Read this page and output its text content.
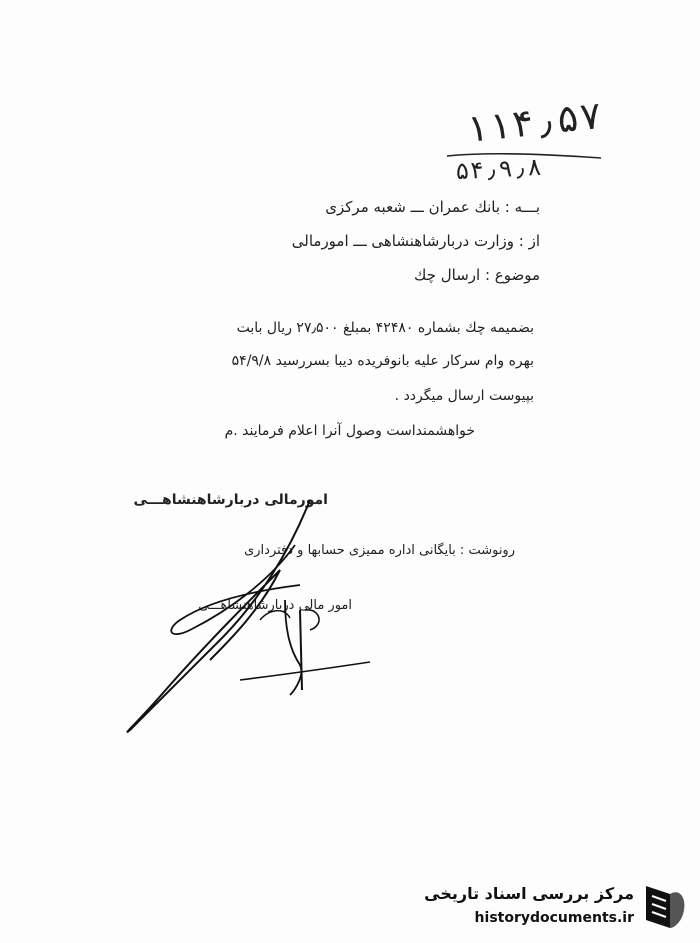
۱۱۴٫۵۷
۵۴٫۹٫۸
بـــه : بانك عمران ـــ شعبه مرکزی
از : وزارت دربارشاهنشاهی ـــ امورمالی
موضوع : ارسال چك
بضمیمه چك بشماره ۴۲۴۸۰ بمبلغ ۲۷٫۵۰۰ ریال بابت
بهره وام سرکار علیه بانوفریده دیبا بسررسید ۵۴/۹/۸
بپیوست ارسال میگردد .
خواهشمنداست وصول آنرا اعلام فرمایند .م
امورمالی دربارشاهنشاهـــی
رونوشت : بایگانی اداره ممیزی حسابها و دفترداری
امور مالی دربارشاهنشاهـــی
مرکز بررسی اسناد تاریخی
historydocuments.ir
